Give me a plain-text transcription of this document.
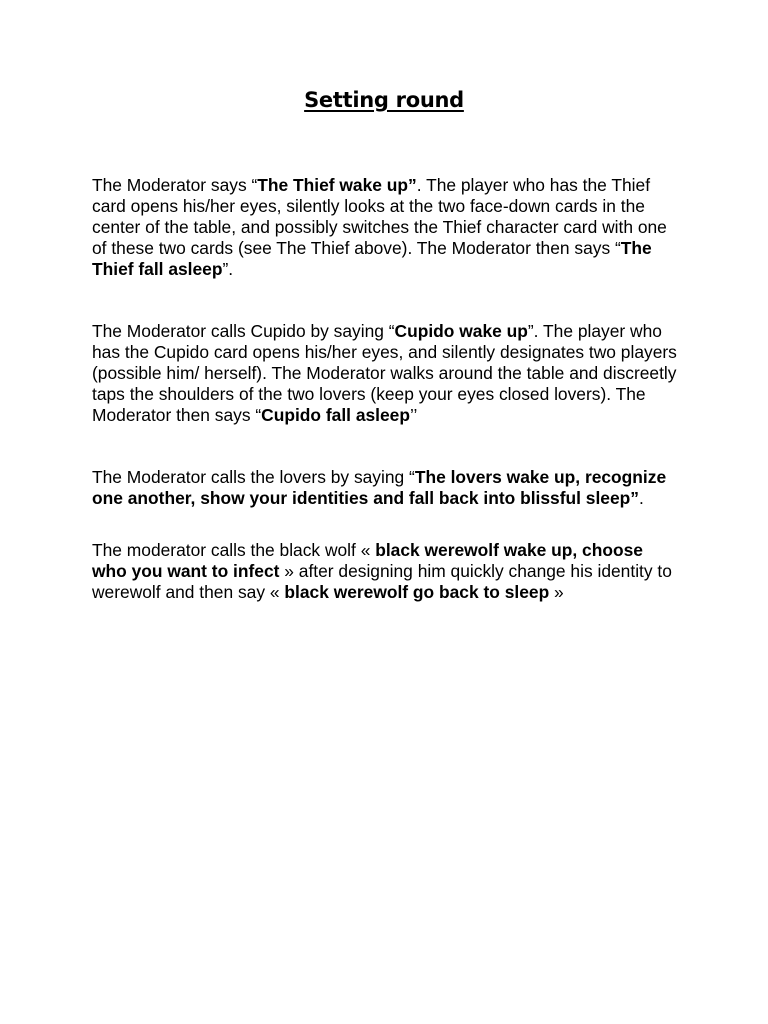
Setting round

The Moderator says “The Thief wake up”. The player who has the Thief card opens his/her eyes, silently looks at the two face-down cards in the center of the table, and possibly switches the Thief character card with one of these two cards (see The Thief above). The Moderator then says “The Thief fall asleep”.

The Moderator calls Cupido by saying “Cupido wake up”. The player who has the Cupido card opens his/her eyes, and silently designates two players (possible him/ herself). The Moderator walks around the table and discreetly taps the shoulders of the two lovers (keep your eyes closed lovers). The Moderator then says “Cupido fall asleep’’

The Moderator calls the lovers by saying “The lovers wake up, recognize one another, show your identities and fall back into blissful sleep”.

The moderator calls the black wolf « black werewolf wake up, choose who you want to infect » after designing him quickly change his identity to werewolf and then say « black werewolf go back to sleep »
